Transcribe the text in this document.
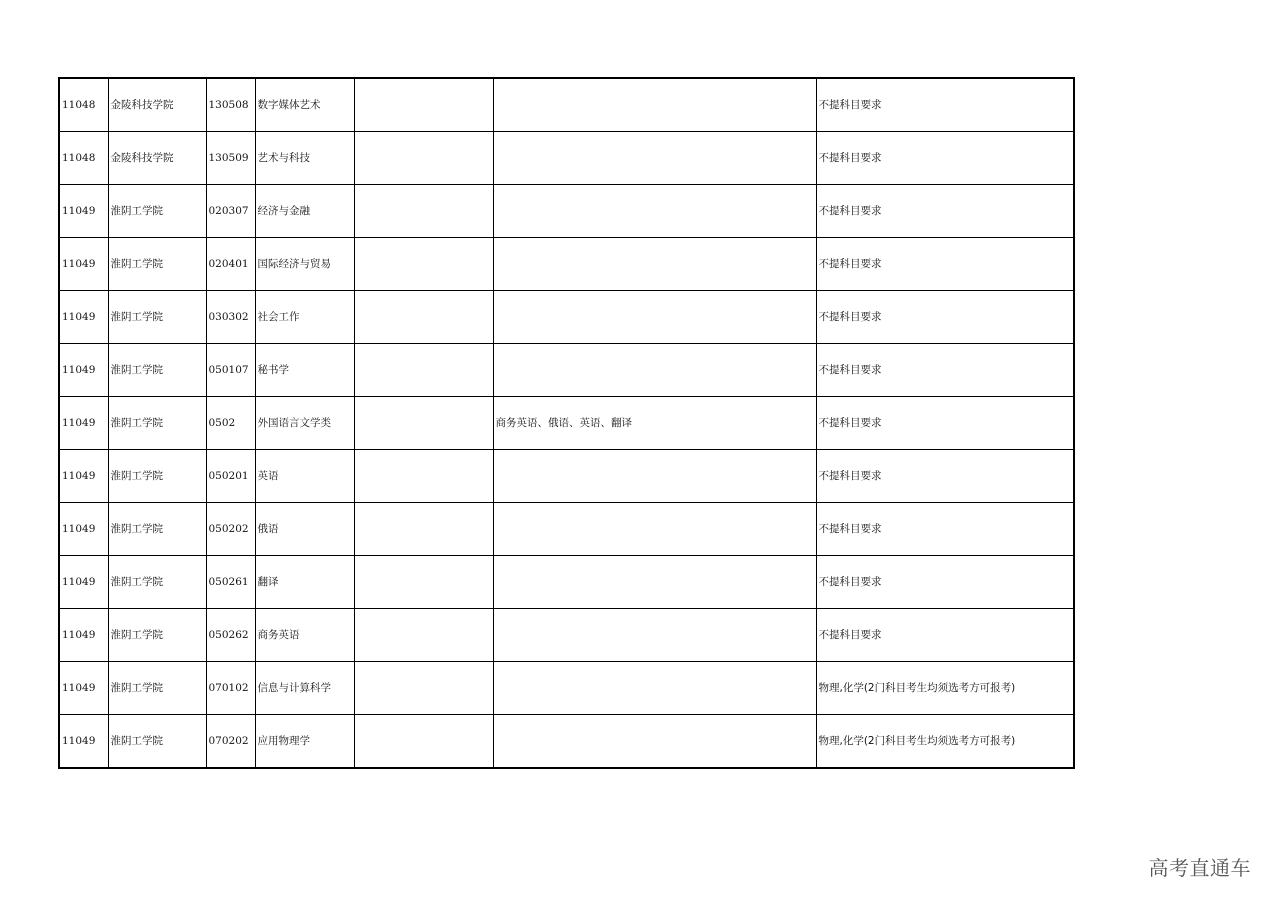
11048	金陵科技学院	130508	数字媒体艺术			不提科目要求
11048	金陵科技学院	130509	艺术与科技			不提科目要求
11049	淮阴工学院	020307	经济与金融			不提科目要求
11049	淮阴工学院	020401	国际经济与贸易			不提科目要求
11049	淮阴工学院	030302	社会工作			不提科目要求
11049	淮阴工学院	050107	秘书学			不提科目要求
11049	淮阴工学院	0502	外国语言文学类		商务英语、俄语、英语、翻译	不提科目要求
11049	淮阴工学院	050201	英语			不提科目要求
11049	淮阴工学院	050202	俄语			不提科目要求
11049	淮阴工学院	050261	翻译			不提科目要求
11049	淮阴工学院	050262	商务英语			不提科目要求
11049	淮阴工学院	070102	信息与计算科学			物理,化学(2门科目考生均须选考方可报考)
11049	淮阴工学院	070202	应用物理学			物理,化学(2门科目考生均须选考方可报考)
高考直通车
